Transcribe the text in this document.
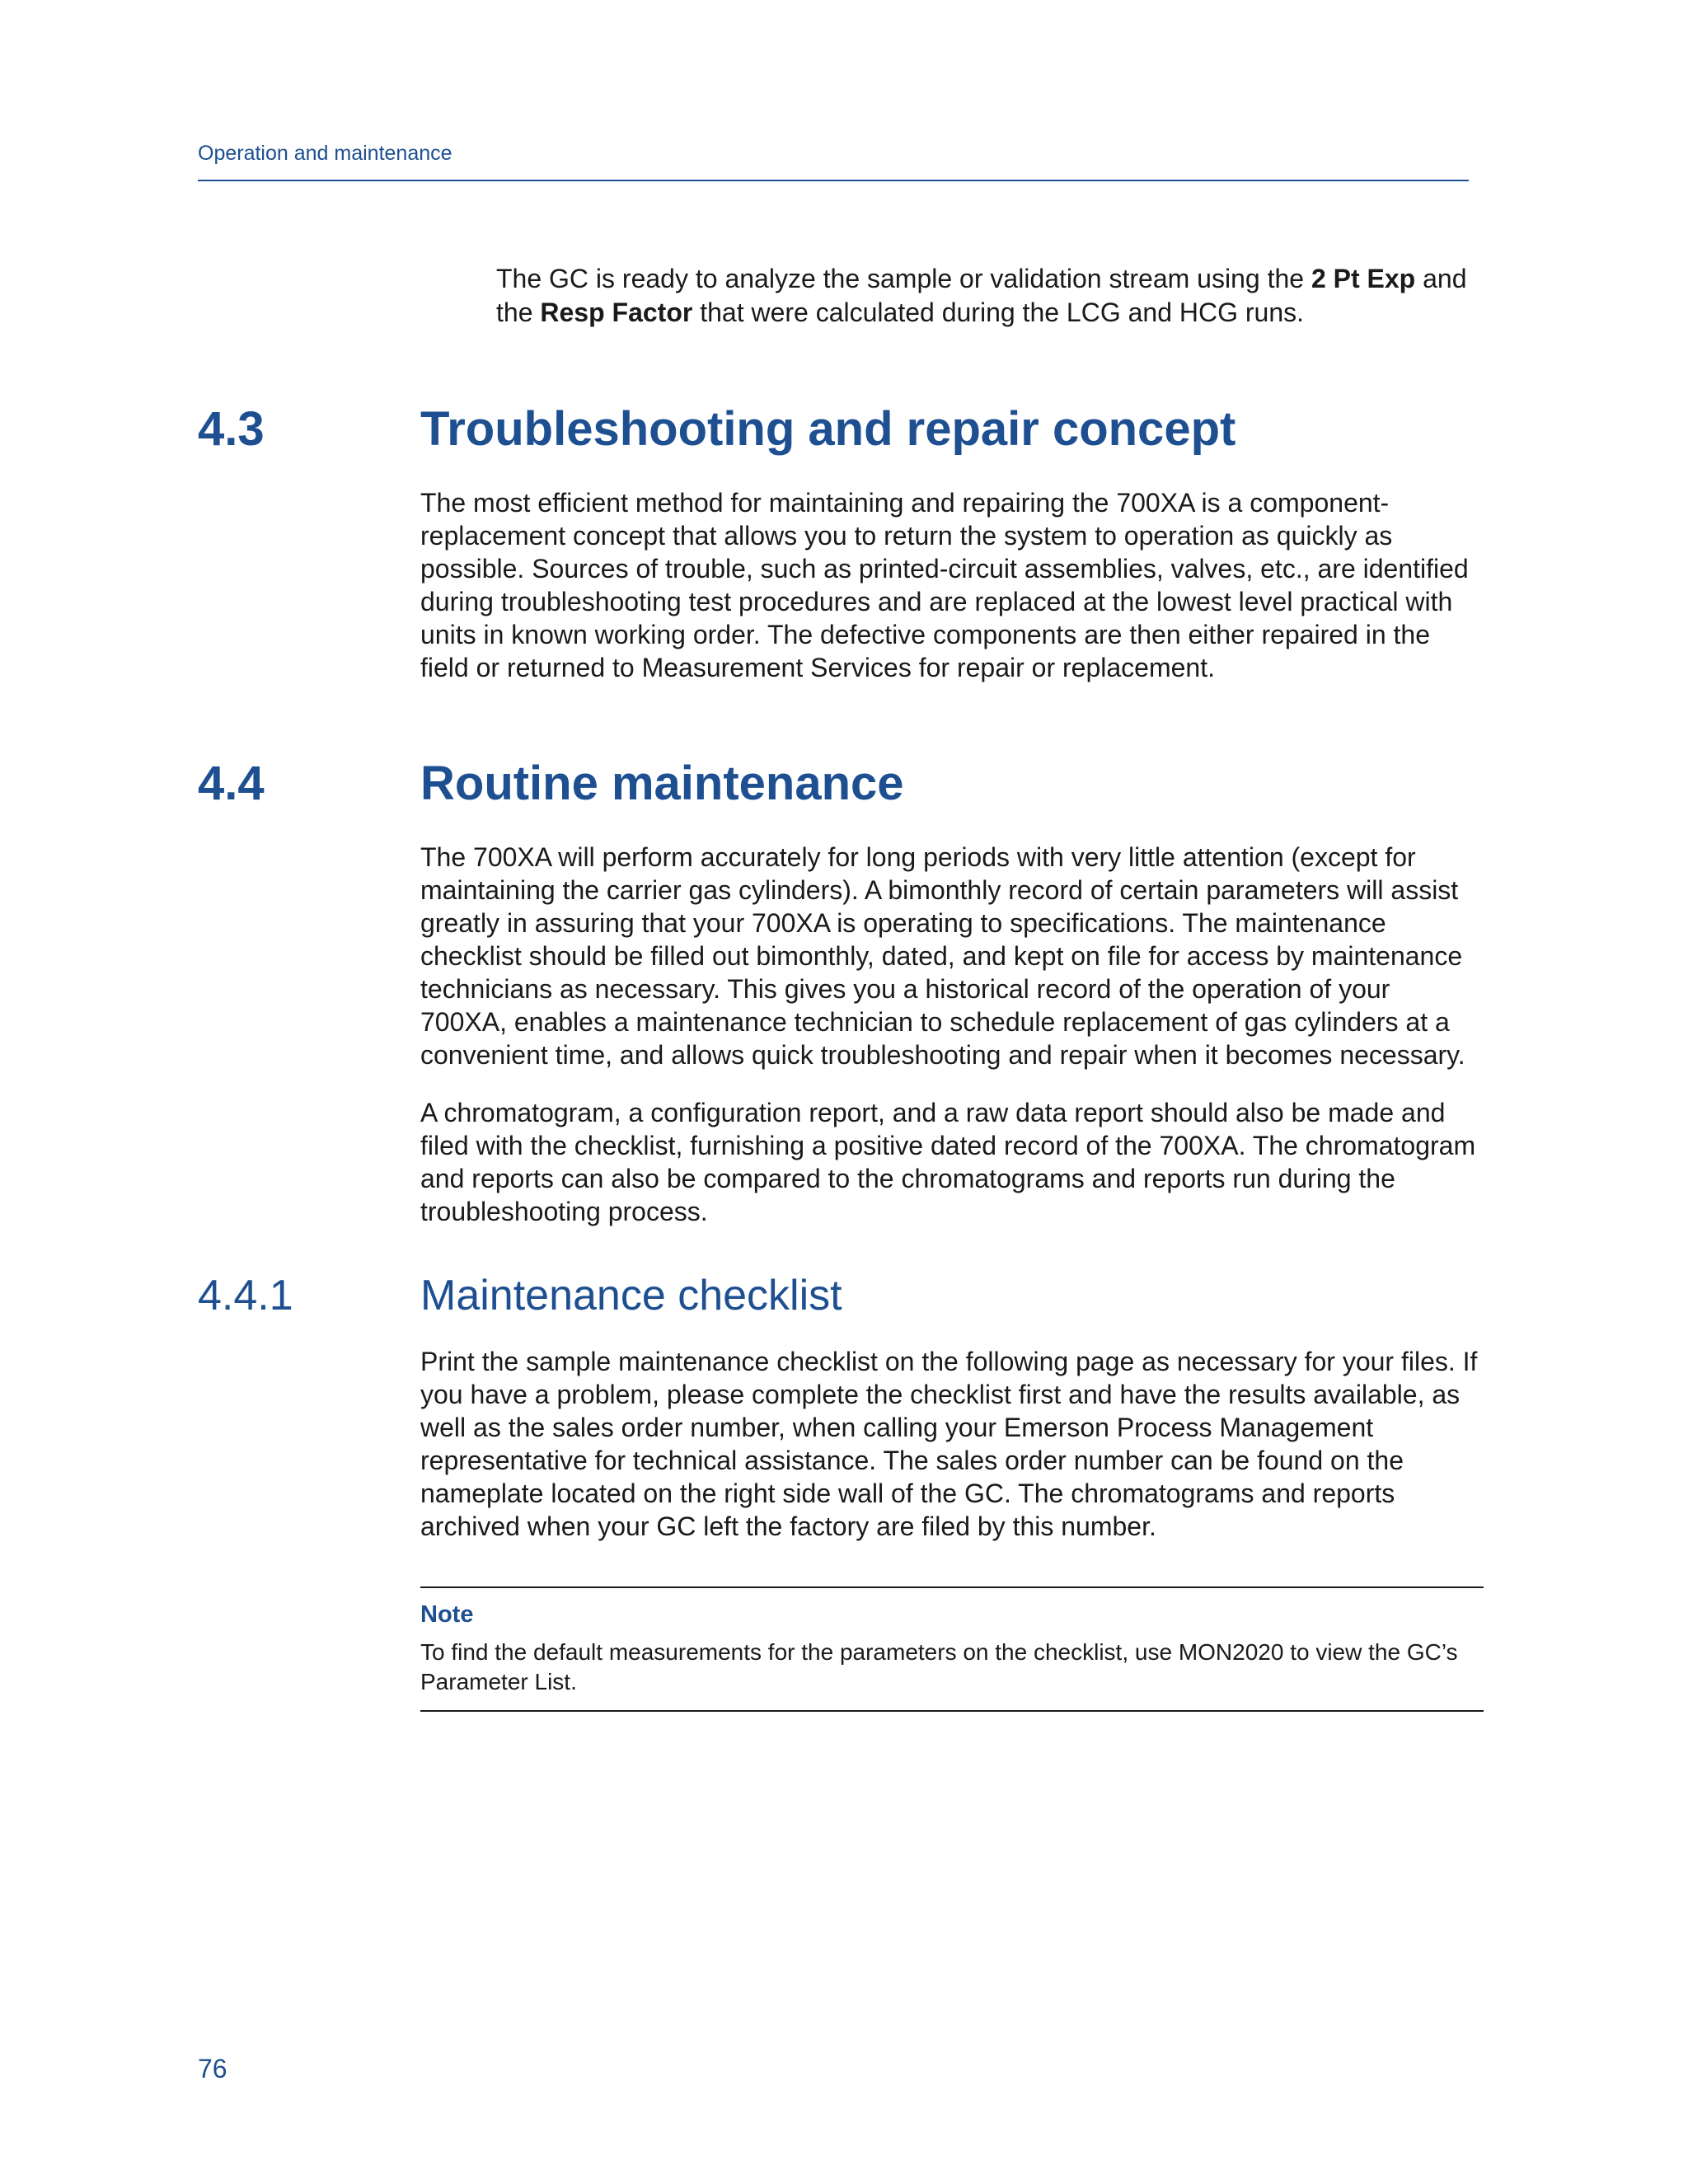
Operation and maintenance
The GC is ready to analyze the sample or validation stream using the 2 Pt Exp and the Resp Factor that were calculated during the LCG and HCG runs.
4.3	Troubleshooting and repair concept

The most efficient method for maintaining and repairing the 700XA is a component-replacement concept that allows you to return the system to operation as quickly as possible. Sources of trouble, such as printed-circuit assemblies, valves, etc., are identified during troubleshooting test procedures and are replaced at the lowest level practical with units in known working order. The defective components are then either repaired in the field or returned to Measurement Services for repair or replacement.

4.4	Routine maintenance

The 700XA will perform accurately for long periods with very little attention (except for maintaining the carrier gas cylinders). A bimonthly record of certain parameters will assist greatly in assuring that your 700XA is operating to specifications. The maintenance checklist should be filled out bimonthly, dated, and kept on file for access by maintenance technicians as necessary. This gives you a historical record of the operation of your 700XA, enables a maintenance technician to schedule replacement of gas cylinders at a convenient time, and allows quick troubleshooting and repair when it becomes necessary.

A chromatogram, a configuration report, and a raw data report should also be made and filed with the checklist, furnishing a positive dated record of the 700XA. The chromatogram and reports can also be compared to the chromatograms and reports run during the troubleshooting process.

4.4.1	Maintenance checklist

Print the sample maintenance checklist on the following page as necessary for your files. If you have a problem, please complete the checklist first and have the results available, as well as the sales order number, when calling your Emerson Process Management representative for technical assistance. The sales order number can be found on the nameplate located on the right side wall of the GC. The chromatograms and reports archived when your GC left the factory are filed by this number.

Note
To find the default measurements for the parameters on the checklist, use MON2020 to view the GC’s Parameter List.
76
